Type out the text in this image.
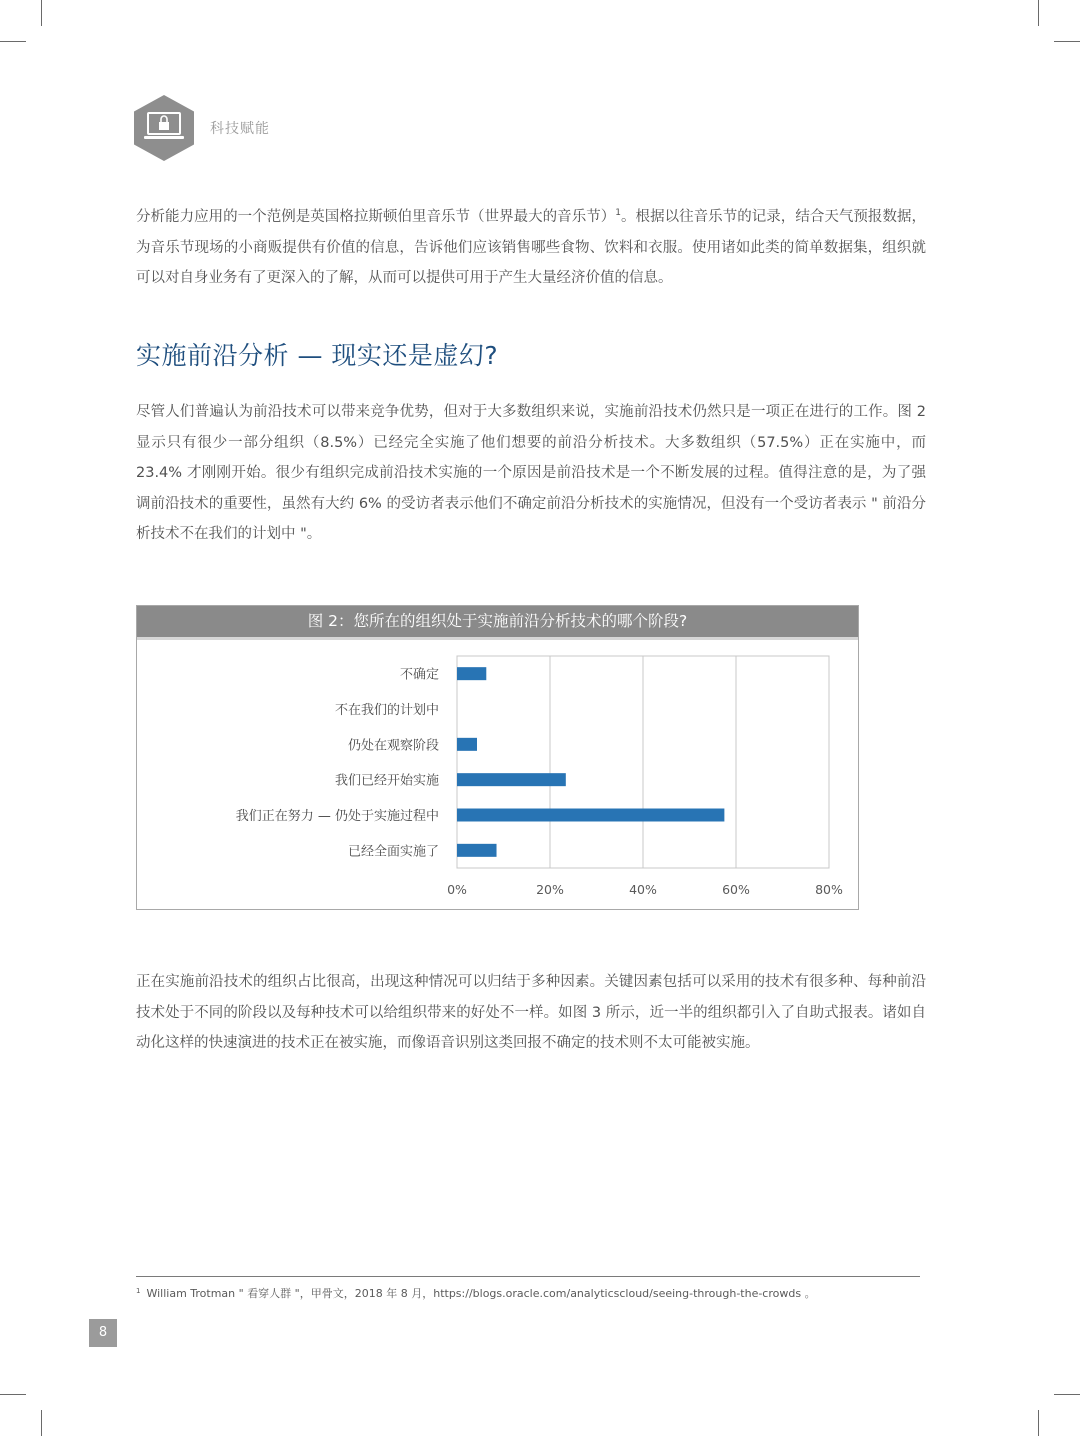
科技赋能

分析能力应用的一个范例是英国格拉斯顿伯里音乐节（世界最大的音乐节）$^1$。根据以往音乐节的记录，结合天气预报数据，为音乐节现场的小商贩提供有价值的信息，告诉他们应该销售哪些食物、饮料和衣服。使用诸如此类的简单数据集，组织就可以对自身业务有了更深入的了解，从而可以提供可用于产生大量经济价值的信息。

实施前沿分析 — 现实还是虚幻?

尽管人们普遍认为前沿技术可以带来竞争优势，但对于大多数组织来说，实施前沿技术仍然只是一项正在进行的工作。图 2 显示只有很少一部分组织（8.5%）已经完全实施了他们想要的前沿分析技术。大多数组织（57.5%）正在实施中，而 23.4% 才刚刚开始。很少有组织完成前沿技术实施的一个原因是前沿技术是一个不断发展的过程。值得注意的是，为了强调前沿技术的重要性，虽然有大约 6% 的受访者表示他们不确定前沿分析技术的实施情况，但没有一个受访者表示 " 前沿分析技术不在我们的计划中 "。

图 2：您所在的组织处于实施前沿分析技术的哪个阶段?
0%	20%	40%	60%	80%
不确定
不在我们的计划中
仍处在观察阶段
我们已经开始实施
我们正在努力 — 仍处于实施过程中
已经全面实施了

正在实施前沿技术的组织占比很高，出现这种情况可以归结于多种因素。关键因素包括可以采用的技术有很多种、每种前沿技术处于不同的阶段以及每种技术可以给组织带来的好处不一样。如图 3 所示，近一半的组织都引入了自助式报表。诸如自动化这样的快速演进的技术正在被实施，而像语音识别这类回报不确定的技术则不太可能被实施。

$^1$ William Trotman " 看穿人群 "，甲骨文，2018 年 8 月，https://blogs.oracle.com/analyticscloud/seeing-through-the-crowds 。
8
